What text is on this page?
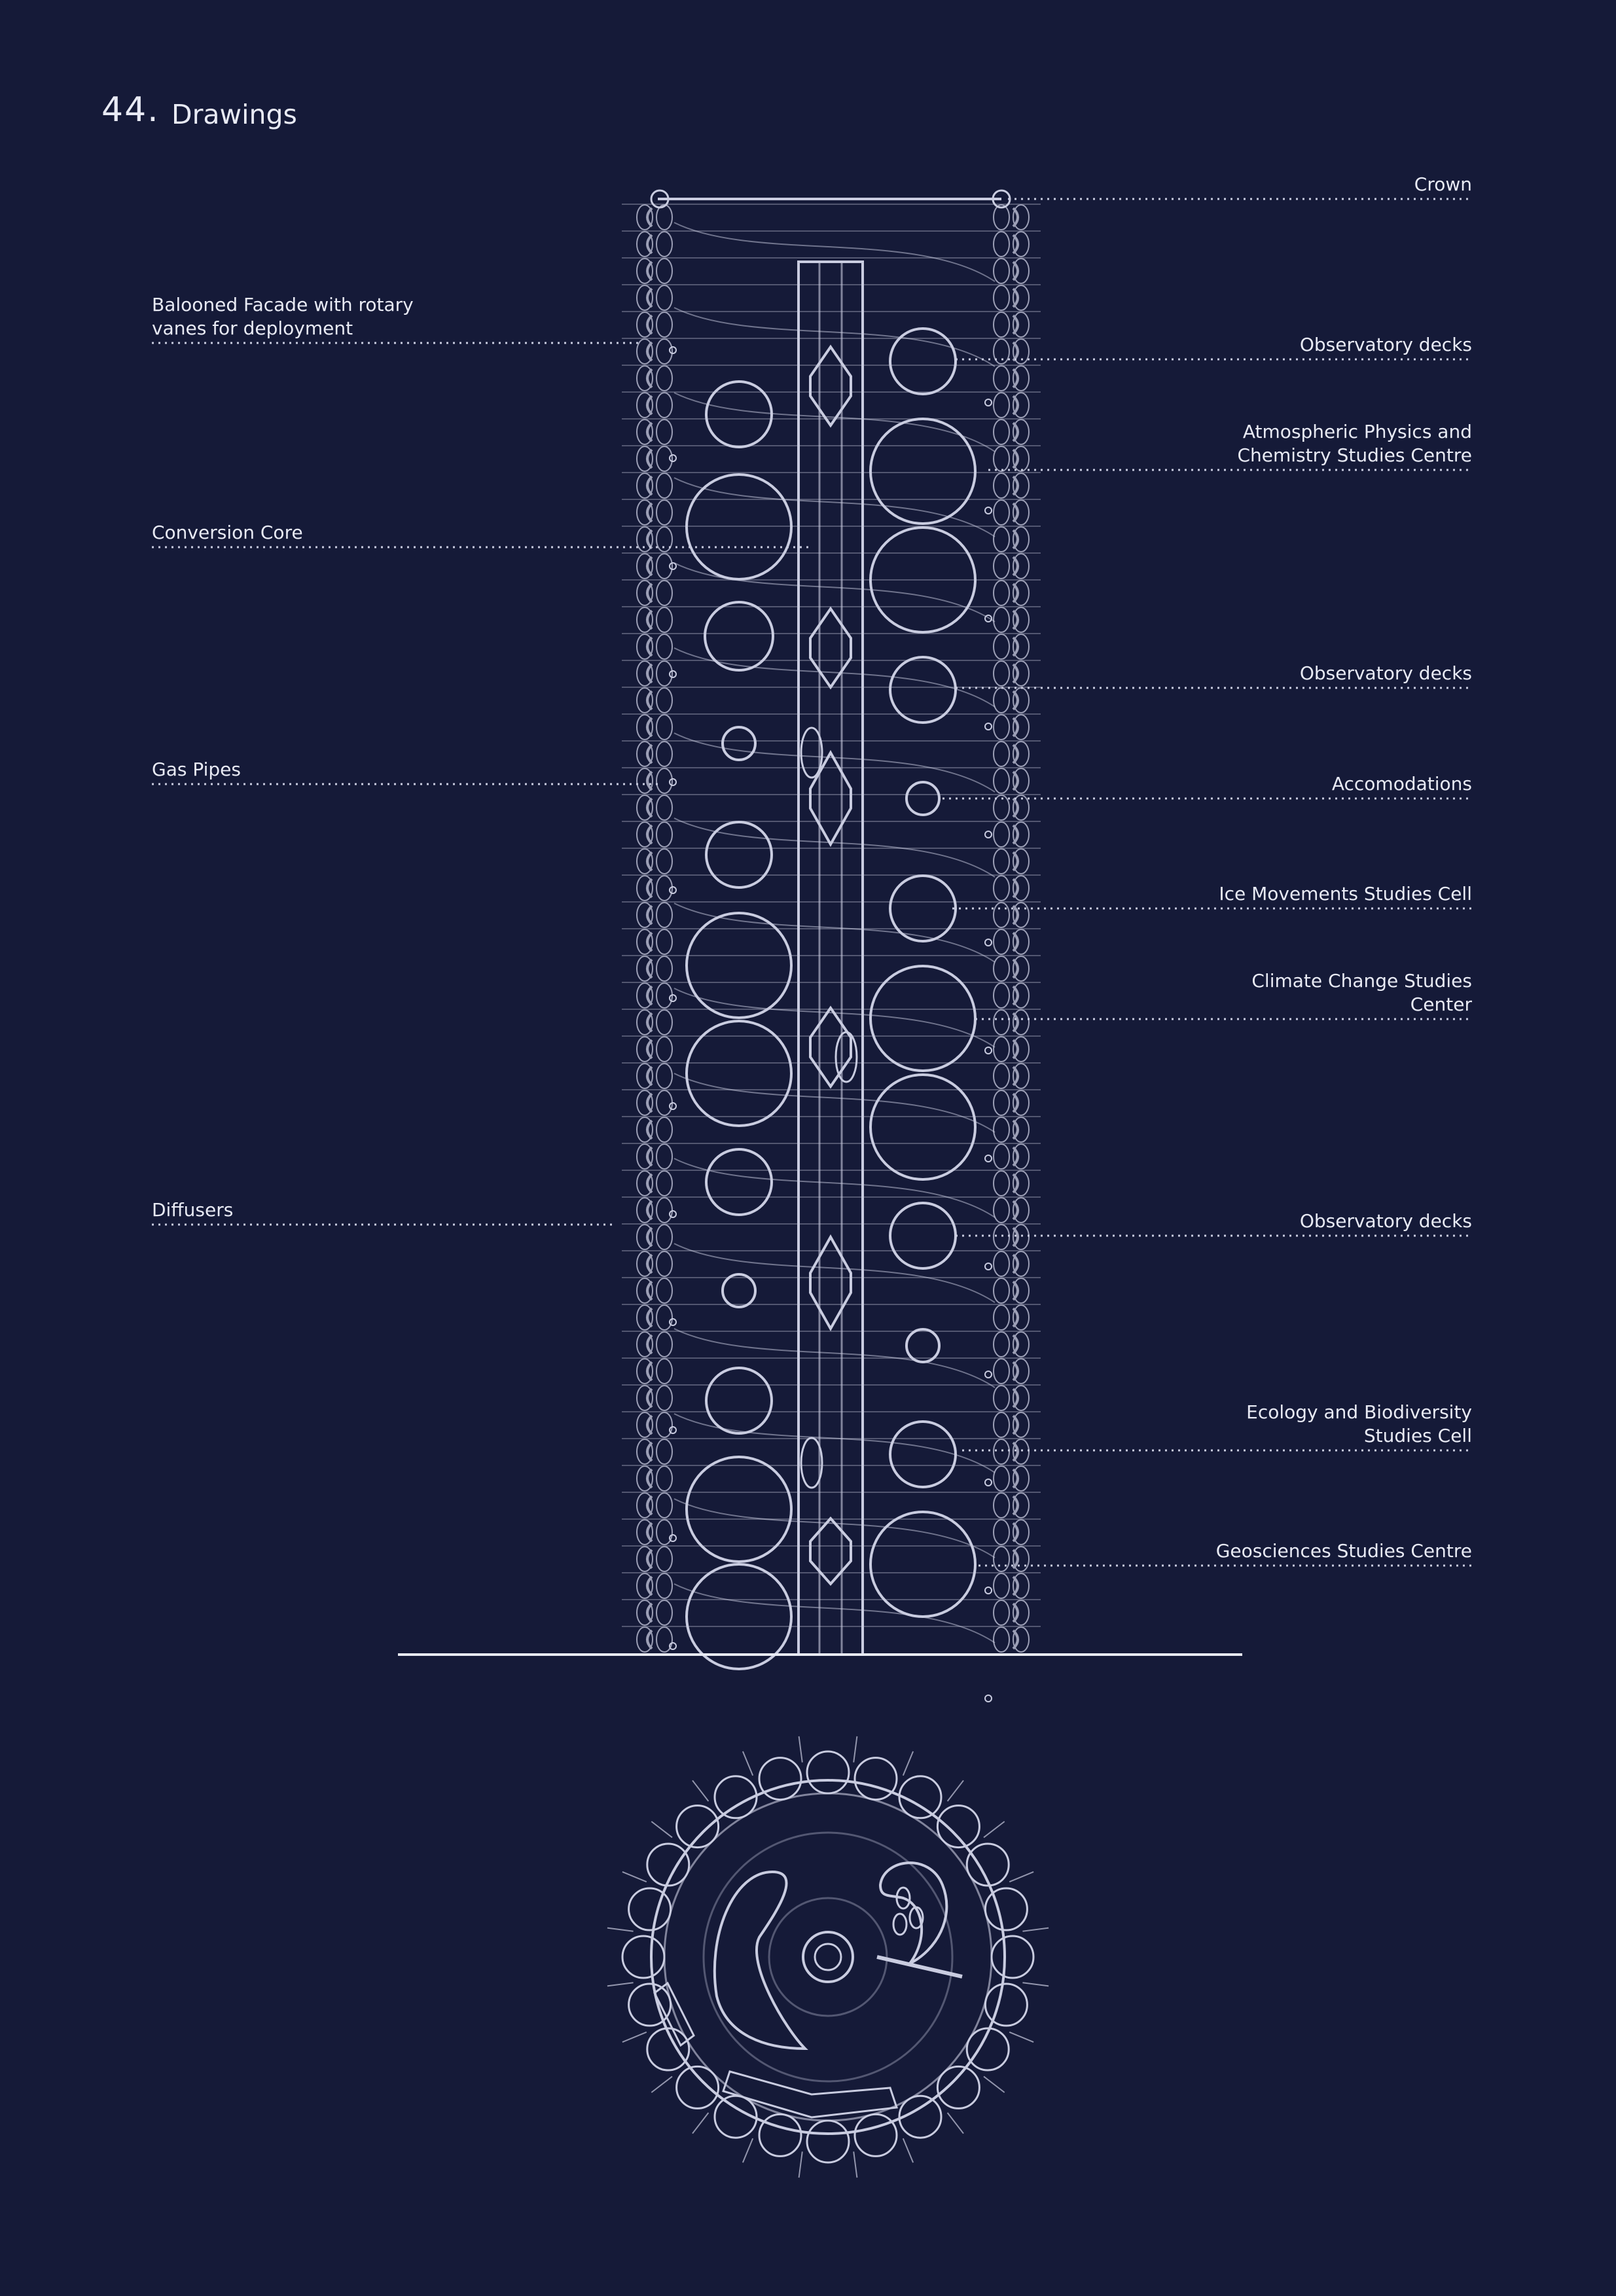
44. Drawings
Balooned Facade with rotary
vanes for deployment
Conversion Core
Gas Pipes
Diffusers
Crown
Observatory decks
Atmospheric Physics and
Chemistry Studies Centre
Observatory decks
Accomodations
Ice Movements Studies Cell
Climate Change Studies
Center
Observatory decks
Ecology and Biodiversity
Studies Cell
Geosciences Studies Centre
